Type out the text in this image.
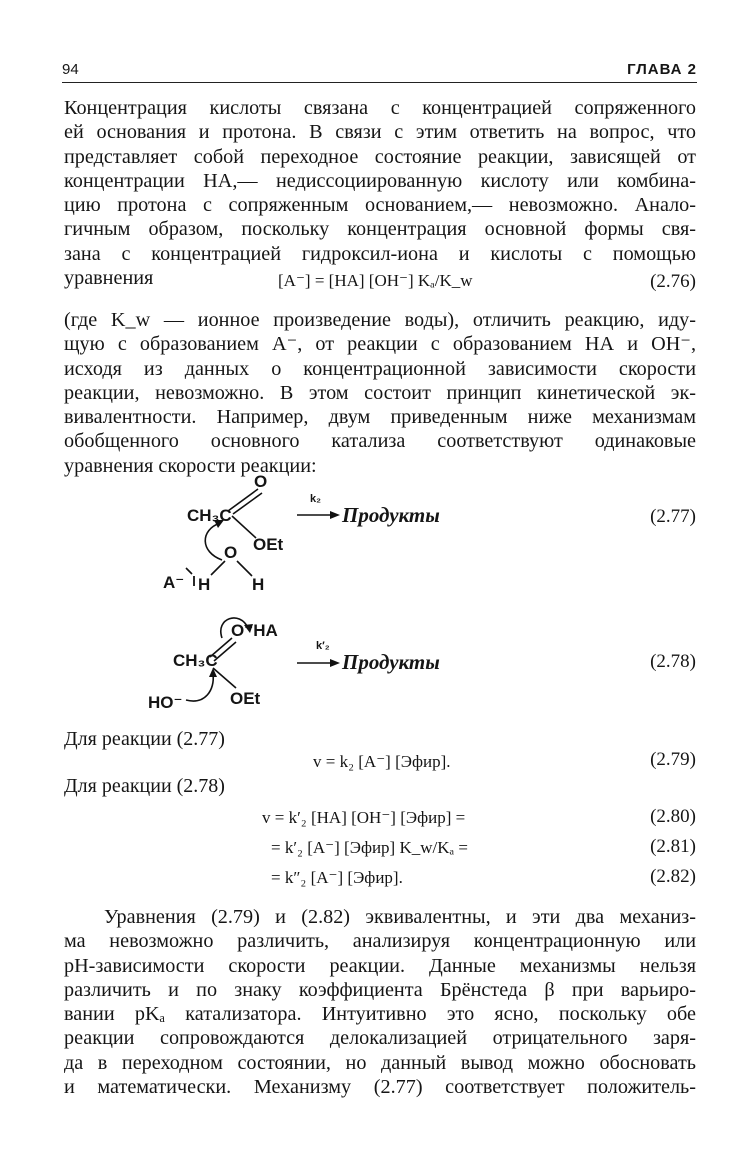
94	ГЛАВА 2
Концентрация кислоты связана с концентрацией сопряженного
ей основания и протона. В связи с этим ответить на вопрос, что
представляет собой переходное состояние реакции, зависящей от
концентрации НА,— недиссоциированную кислоту или комбина-
цию протона с сопряженным основанием,— невозможно. Анало-
гичным образом, поскольку концентрация основной формы свя-
зана с концентрацией гидроксил-иона и кислоты с помощью
уравнения	[A⁻] = [HA] [OH⁻] Kₐ/K_w	(2.76)
(где K_w — ионное произведение воды), отличить реакцию, иду-
щую с образованием A⁻, от реакции с образованием НА и ОН⁻,
исходя из данных о концентрационной зависимости скорости
реакции, невозможно. В этом состоит принцип кинетической эк-
вивалентности. Например, двум приведенным ниже механизмам
обобщенного основного катализа соответствуют одинаковые
уравнения скорости реакции:
O
CH₃C
OEt
O
A⁻ H H
k₂
Продукты	(2.77)
O⁺HA
CH₃C
HO⁻	OEt
k′₂
Продукты	(2.78)
Для реакции (2.77)
v = k₂ [A⁻] [Эфир].	(2.79)
Для реакции (2.78)
v = k′₂ [HA] [OH⁻] [Эфир] =	(2.80)
= k′₂ [A⁻] [Эфир] K_w/Kₐ =	(2.81)
= k″₂ [A⁻] [Эфир].	(2.82)
Уравнения (2.79) и (2.82) эквивалентны, и эти два механиз-
ма невозможно различить, анализируя концентрационную или
рН-зависимости скорости реакции. Данные механизмы нельзя
различить и по знаку коэффициента Брёнстеда β при варьиро-
вании рKₐ катализатора. Интуитивно это ясно, поскольку обе
реакции сопровождаются делокализацией отрицательного заря-
да в переходном состоянии, но данный вывод можно обосновать
и математически. Механизму (2.77) соответствует положитель-
